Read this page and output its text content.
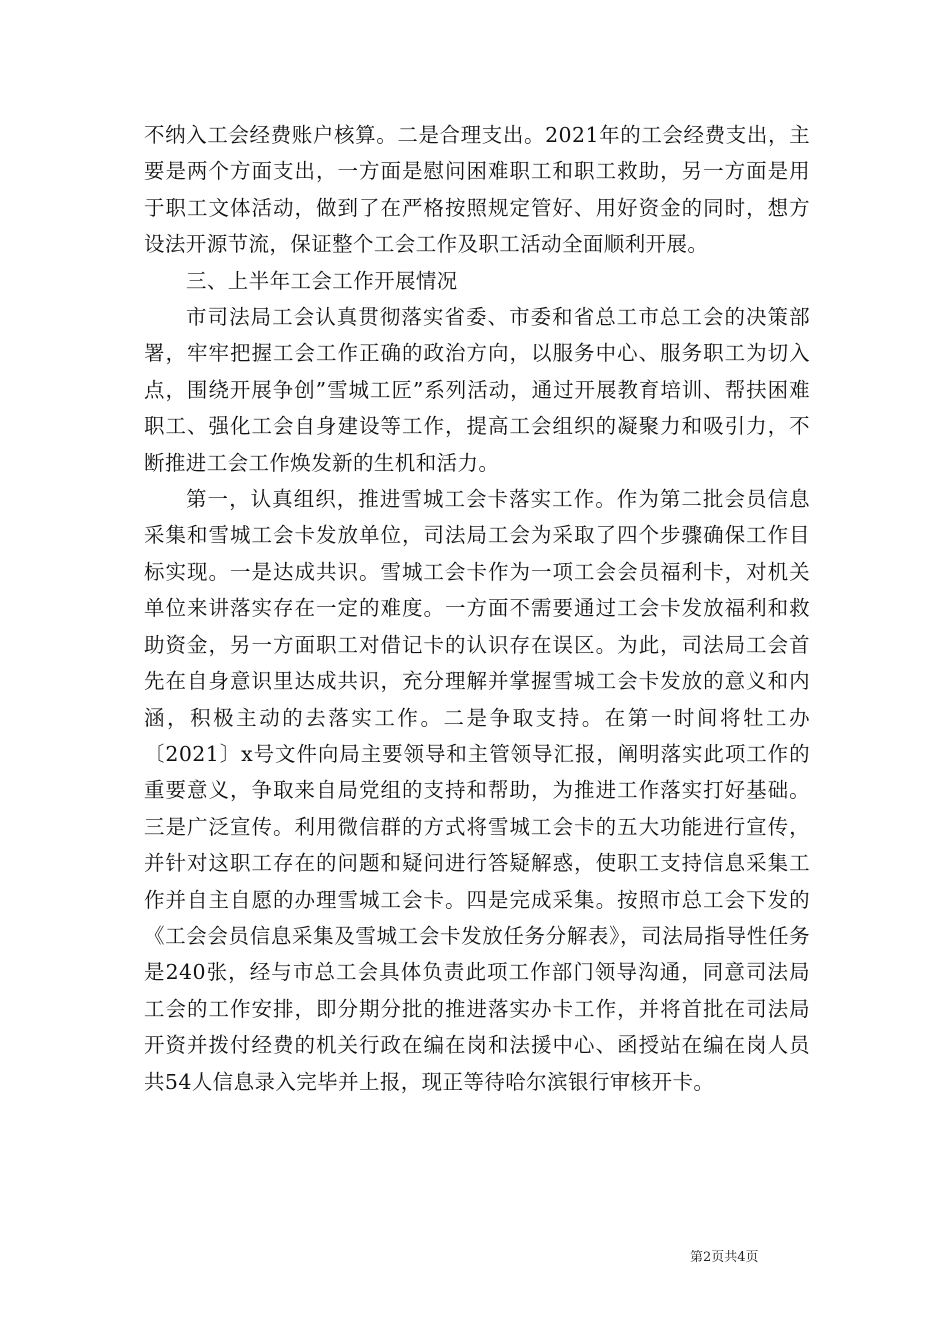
不纳入工会经费账户核算。二是合理支出。2021年的工会经费支出，主要是两个方面支出，一方面是慰问困难职工和职工救助，另一方面是用于职工文体活动，做到了在严格按照规定管好、用好资金的同时，想方设法开源节流，保证整个工会工作及职工活动全面顺利开展。

三、上半年工会工作开展情况

市司法局工会认真贯彻落实省委、市委和省总工市总工会的决策部署，牢牢把握工会工作正确的政治方向，以服务中心、服务职工为切入点，围绕开展争创”雪城工匠”系列活动，通过开展教育培训、帮扶困难职工、强化工会自身建设等工作，提高工会组织的凝聚力和吸引力，不断推进工会工作焕发新的生机和活力。

第一，认真组织，推进雪城工会卡落实工作。作为第二批会员信息采集和雪城工会卡发放单位，司法局工会为采取了四个步骤确保工作目标实现。一是达成共识。雪城工会卡作为一项工会会员福利卡，对机关单位来讲落实存在一定的难度。一方面不需要通过工会卡发放福利和救助资金，另一方面职工对借记卡的认识存在误区。为此，司法局工会首先在自身意识里达成共识，充分理解并掌握雪城工会卡发放的意义和内涵，积极主动的去落实工作。二是争取支持。在第一时间将牡工办〔2021〕x号文件向局主要领导和主管领导汇报，阐明落实此项工作的重要意义，争取来自局党组的支持和帮助，为推进工作落实打好基础。三是广泛宣传。利用微信群的方式将雪城工会卡的五大功能进行宣传，并针对这职工存在的问题和疑问进行答疑解惑，使职工支持信息采集工作并自主自愿的办理雪城工会卡。四是完成采集。按照市总工会下发的《工会会员信息采集及雪城工会卡发放任务分解表》，司法局指导性任务是240张，经与市总工会具体负责此项工作部门领导沟通，同意司法局工会的工作安排，即分期分批的推进落实办卡工作，并将首批在司法局开资并拨付经费的机关行政在编在岗和法援中心、函授站在编在岗人员共54人信息录入完毕并上报，现正等待哈尔滨银行审核开卡。

第2页共4页
